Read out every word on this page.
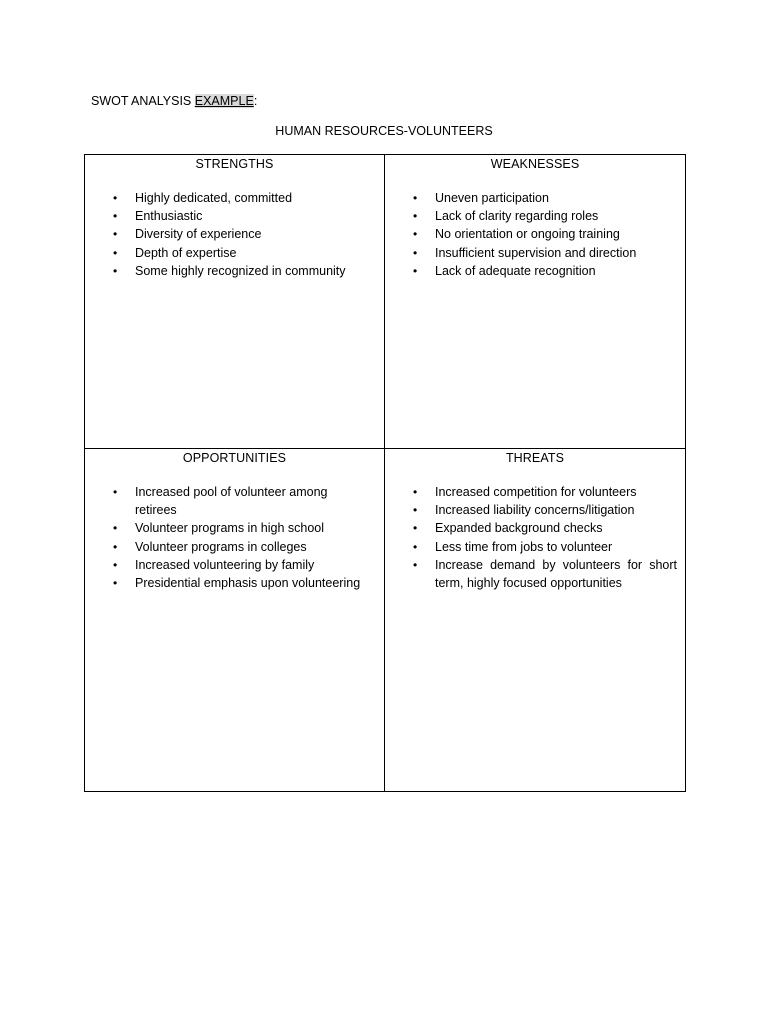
SWOT ANALYSIS EXAMPLE:
HUMAN RESOURCES-VOLUNTEERS
STRENGTHS
• Highly dedicated, committed
• Enthusiastic
• Diversity of experience
• Depth of expertise
• Some highly recognized in community
WEAKNESSES
• Uneven participation
• Lack of clarity regarding roles
• No orientation or ongoing training
• Insufficient supervision and direction
• Lack of adequate recognition
OPPORTUNITIES
• Increased pool of volunteer among retirees
• Volunteer programs in high school
• Volunteer programs in colleges
• Increased volunteering by family
• Presidential emphasis upon volunteering
THREATS
• Increased competition for volunteers
• Increased liability concerns/litigation
• Expanded background checks
• Less time from jobs to volunteer
• Increase demand by volunteers for short term, highly focused opportunities
